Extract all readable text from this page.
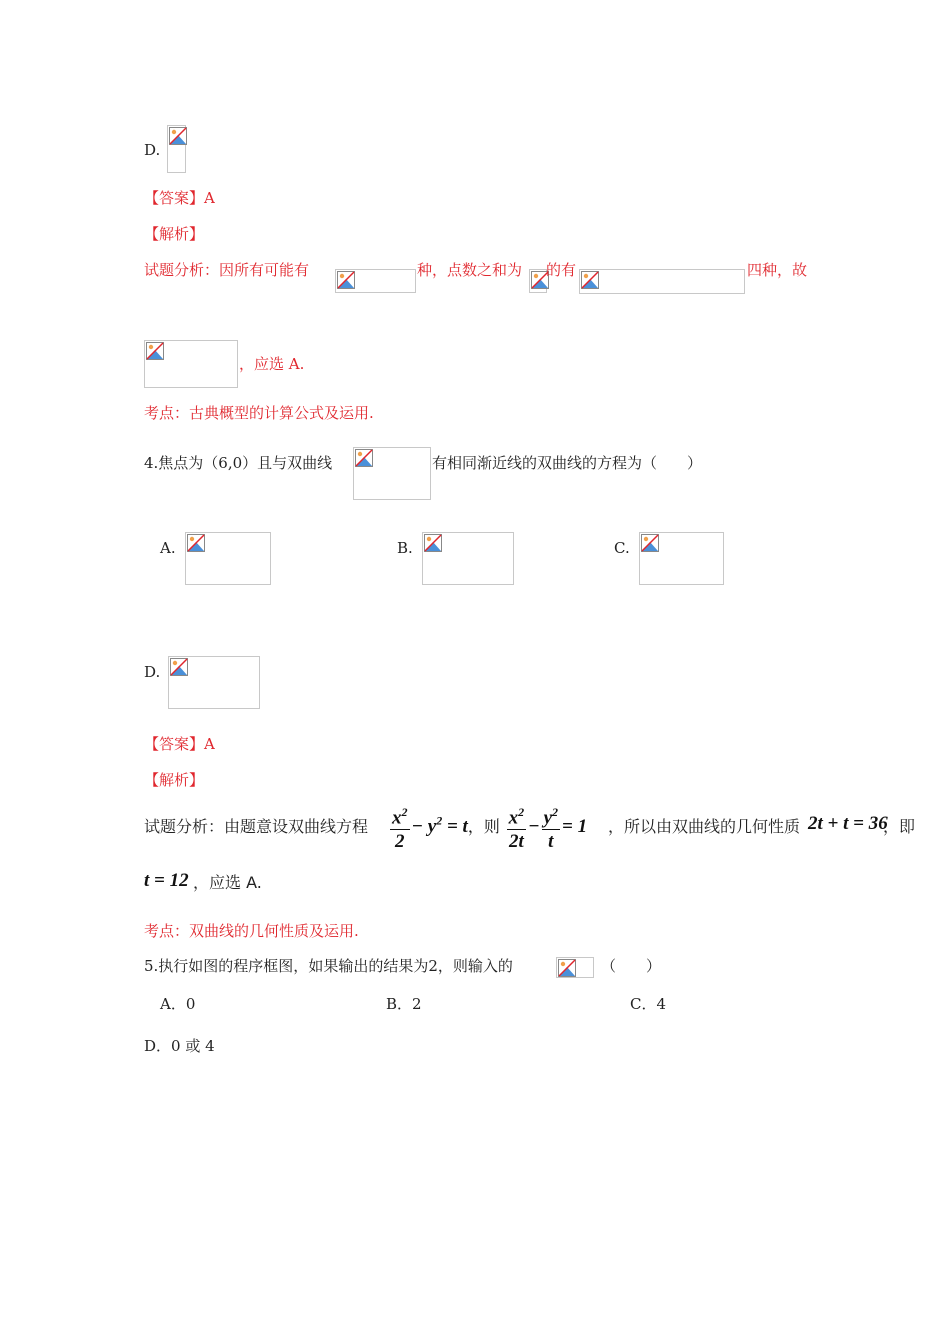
D.
【答案】A
【解析】
试题分析：因所有可能有	种，点数之和为 的有	四种，故
，应选 A.
考点：古典概型的计算公式及运用.
4.焦点为（6,0）且与双曲线	有相同渐近线的双曲线的方程为（　　）
A.	B.	C.
D.
【答案】A
【解析】
试题分析：由题意设双曲线方程 $\frac{x^2}{2} - y^2 = t$，则 $\frac{x^2}{2t} - \frac{y^2}{t} = 1$ ，所以由双曲线的几何性质 2t + t = 36
，即
t = 12 ，应选 A.
考点：双曲线的几何性质及运用.
5.执行如图的程序框图，如果输出的结果为2，则输入的	（　　）
A．0	B．2	C．4
D．0 或 4
